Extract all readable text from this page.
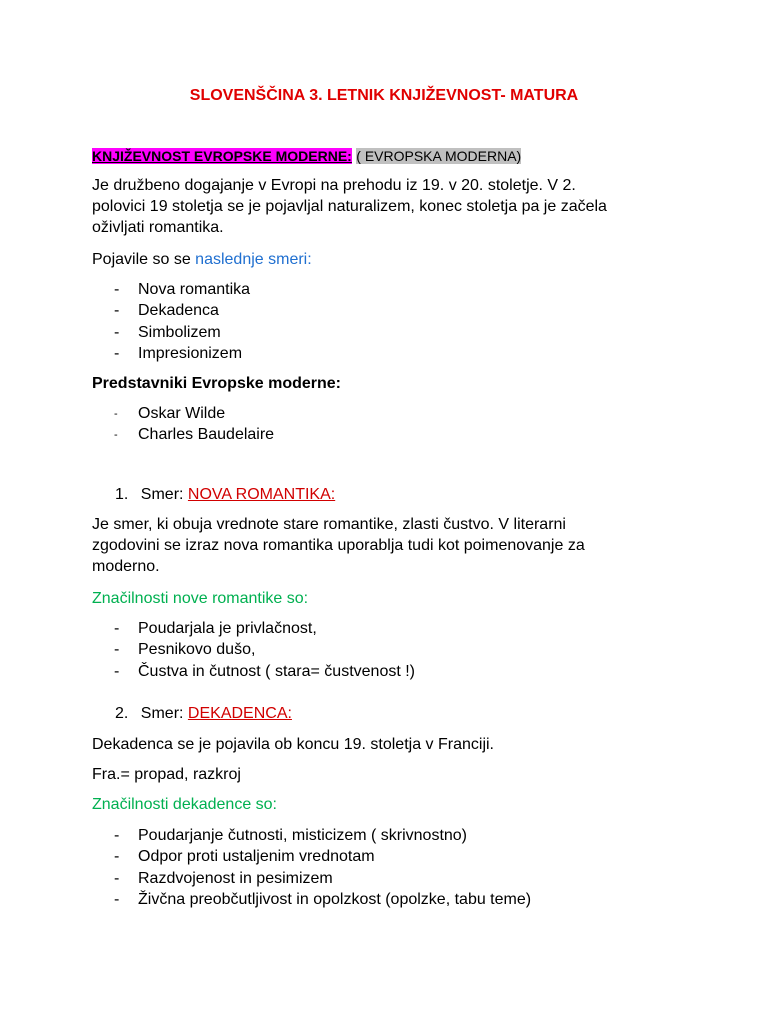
SLOVENŠČINA 3. LETNIK KNJIŽEVNOST- MATURA
KNJIŽEVNOST EVROPSKE MODERNE: ( EVROPSKA MODERNA)
Je družbeno dogajanje v Evropi na prehodu iz 19. v 20. stoletje. V 2.
polovici 19 stoletja se je pojavljal naturalizem, konec stoletja pa je začela
oživljati romantika.
Pojavile so se naslednje smeri:
- Nova romantika
- Dekadenca
- Simbolizem
- Impresionizem
Predstavniki Evropske moderne:
- Oskar Wilde
- Charles Baudelaire
1. Smer: NOVA ROMANTIKA:
Je smer, ki obuja vrednote stare romantike, zlasti čustvo. V literarni
zgodovini se izraz nova romantika uporablja tudi kot poimenovanje za
moderno.
Značilnosti nove romantike so:
- Poudarjala je privlačnost,
- Pesnikovo dušo,
- Čustva in čutnost ( stara= čustvenost !)
2. Smer: DEKADENCA:
Dekadenca se je pojavila ob koncu 19. stoletja v Franciji.
Fra.= propad, razkroj
Značilnosti dekadence so:
- Poudarjanje čutnosti, misticizem ( skrivnostno)
- Odpor proti ustaljenim vrednotam
- Razdvojenost in pesimizem
- Živčna preobčutljivost in opolzkost (opolzke, tabu teme)
